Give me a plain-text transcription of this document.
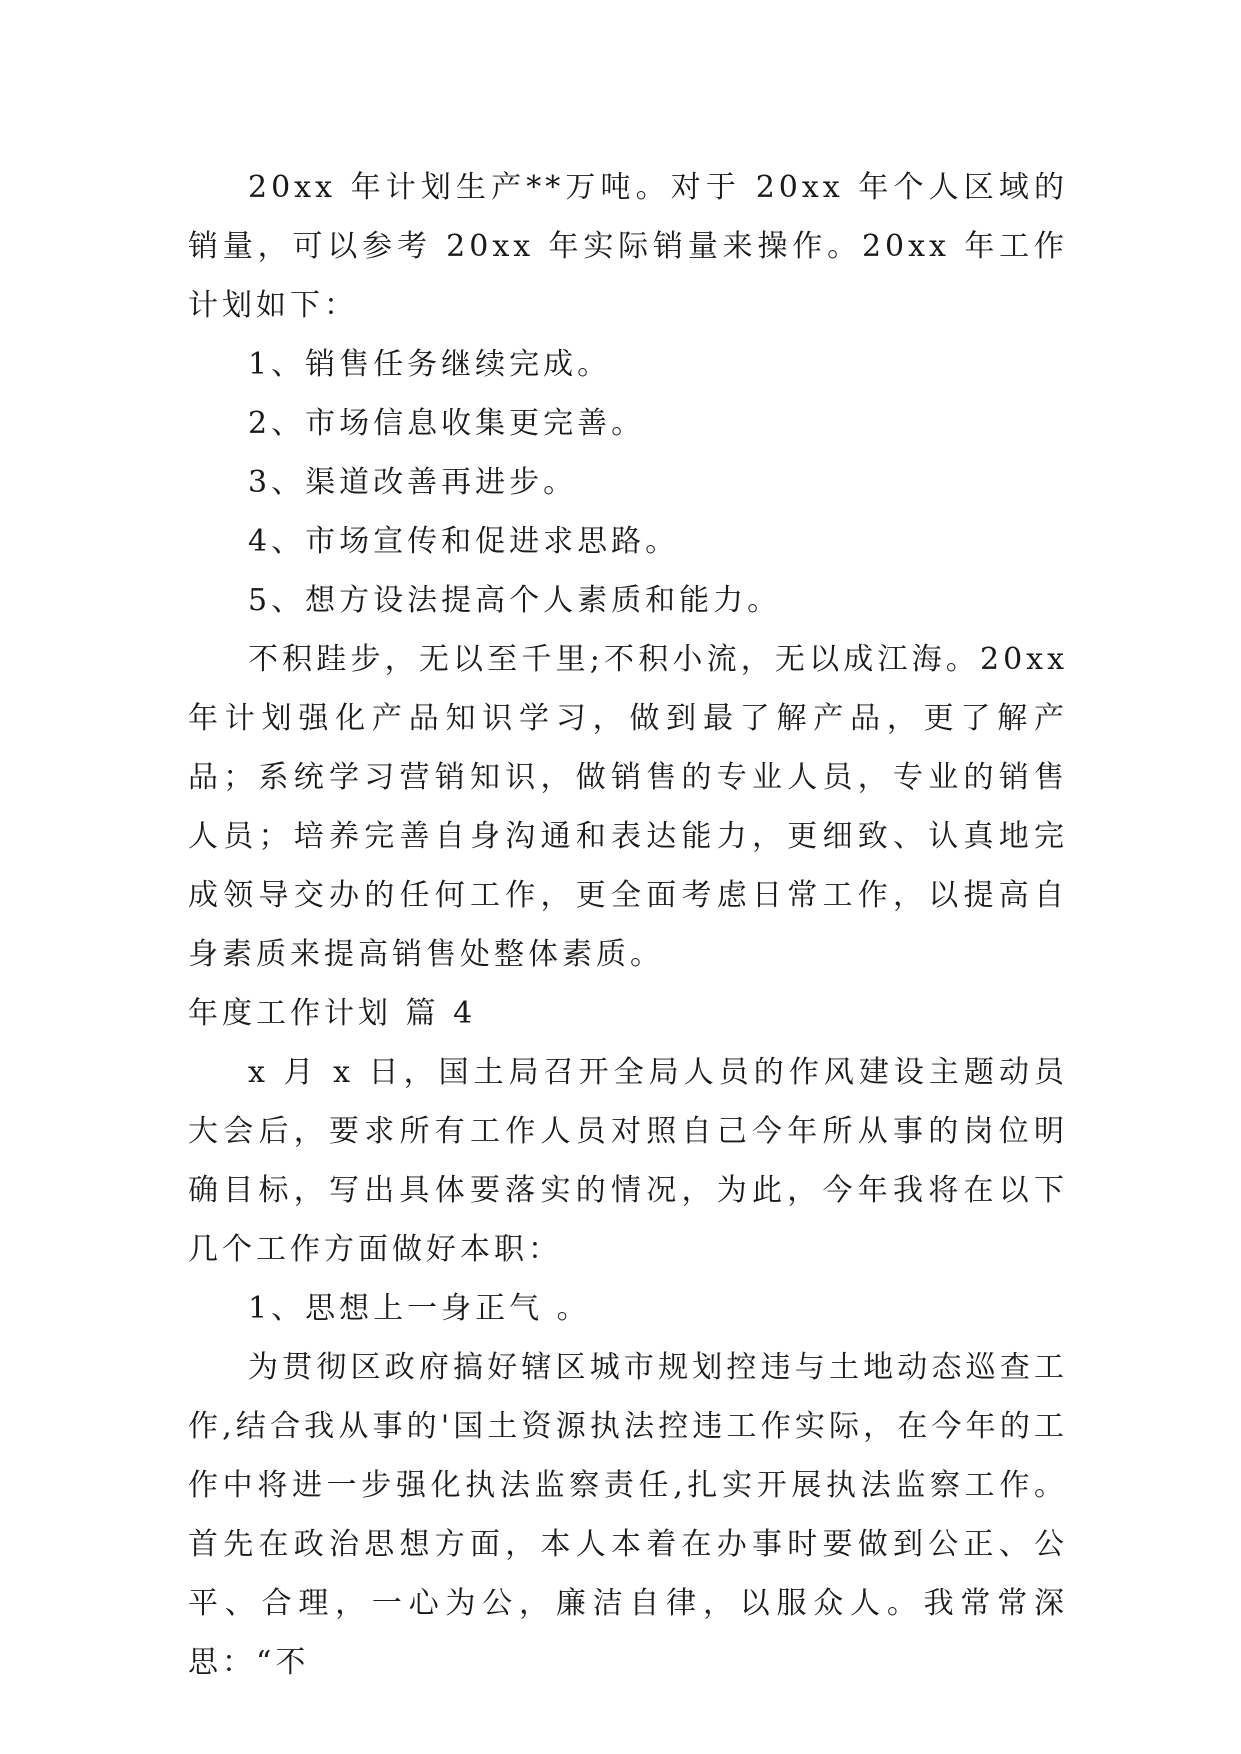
20xx 年计划生产**万吨。对于 20xx 年个人区域的销量，可以参考 20xx 年实际销量来操作。20xx 年工作计划如下：

1、销售任务继续完成。

2、市场信息收集更完善。

3、渠道改善再进步。

4、市场宣传和促进求思路。

5、想方设法提高个人素质和能力。

不积跬步，无以至千里;不积小流，无以成江海。20xx 年计划强化产品知识学习，做到最了解产品，更了解产品；系统学习营销知识，做销售的专业人员，专业的销售人员；培养完善自身沟通和表达能力，更细致、认真地完成领导交办的任何工作，更全面考虑日常工作，以提高自身素质来提高销售处整体素质。

年度工作计划 篇 4

x 月 x 日，国土局召开全局人员的作风建设主题动员大会后，要求所有工作人员对照自己今年所从事的岗位明确目标，写出具体要落实的情况，为此，今年我将在以下几个工作方面做好本职：

1、思想上一身正气 。

为贯彻区政府搞好辖区城市规划控违与土地动态巡查工作,结合我从事的'国土资源执法控违工作实际，在今年的工作中将进一步强化执法监察责任,扎实开展执法监察工作。首先在政治思想方面，本人本着在办事时要做到公正、公平、合理，一心为公，廉洁自律，以服众人。我常常深思：“不
